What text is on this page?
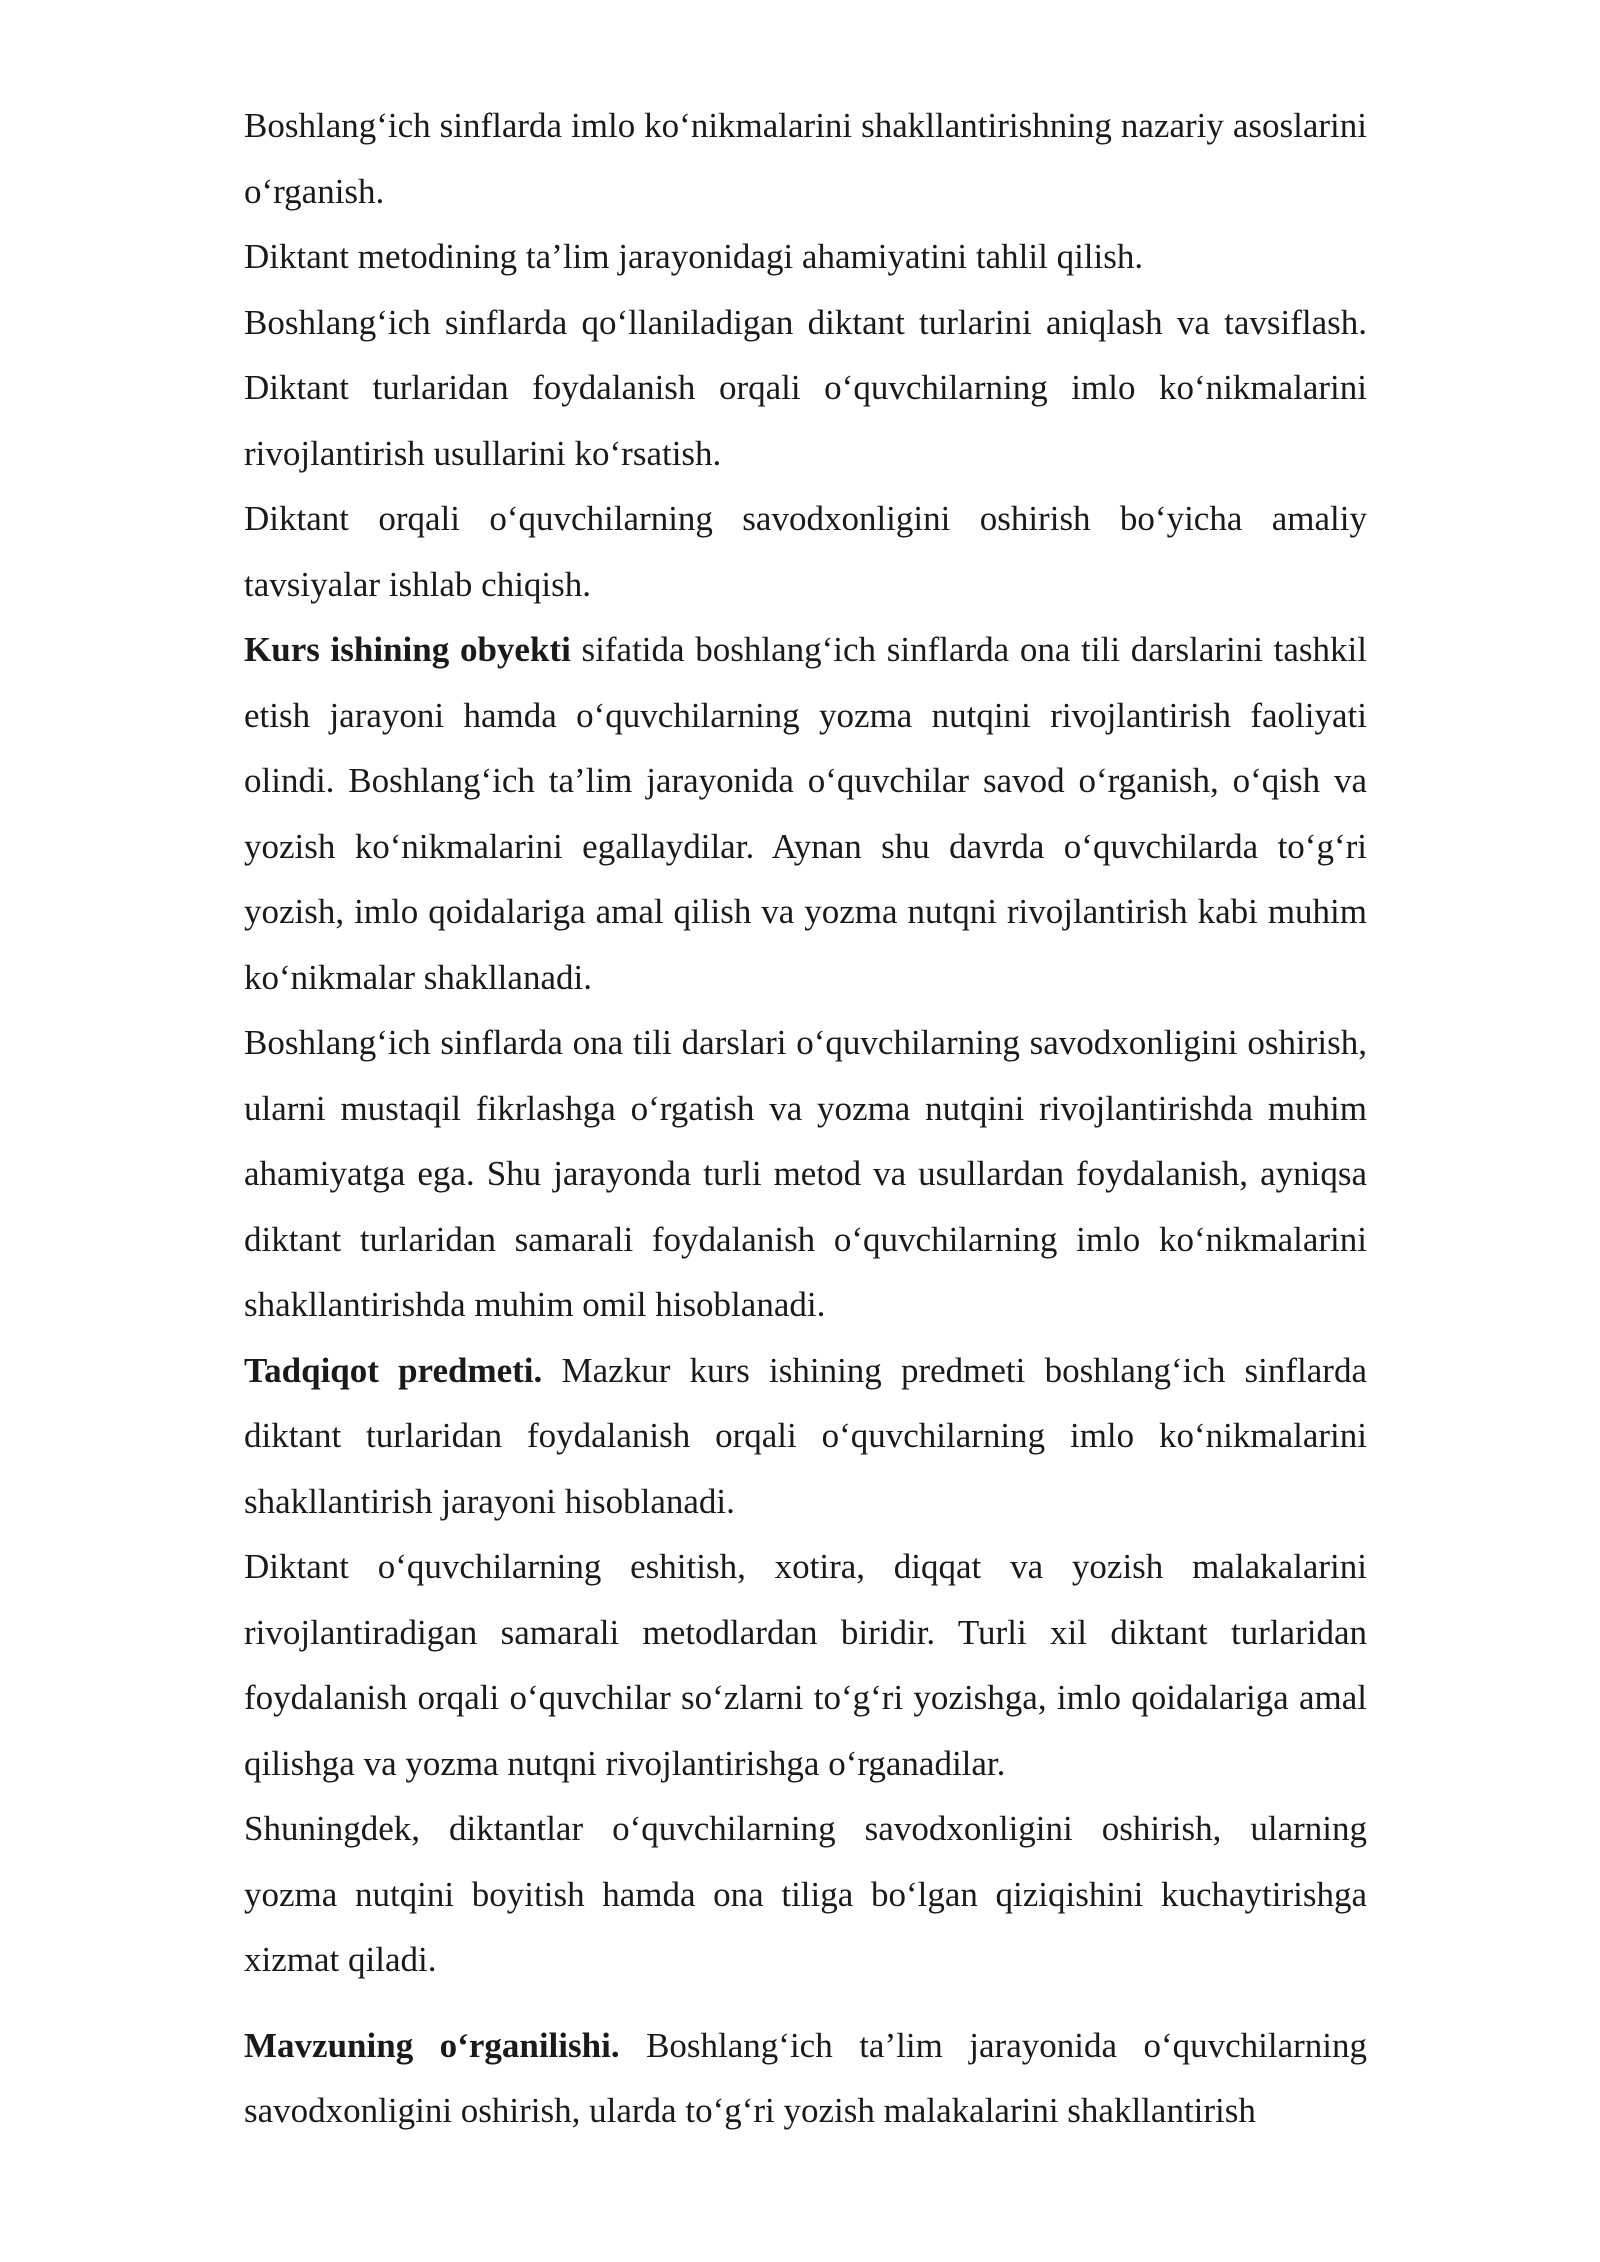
Boshlang‘ich sinflarda imlo ko‘nikmalarini shakllantirishning nazariy asoslarini o‘rganish.

Diktant metodining ta’lim jarayonidagi ahamiyatini tahlil qilish.

Boshlang‘ich sinflarda qo‘llaniladigan diktant turlarini aniqlash va tavsiflash. Diktant turlaridan foydalanish orqali o‘quvchilarning imlo ko‘nikmalarini rivojlantirish usullarini ko‘rsatish.

Diktant orqali o‘quvchilarning savodxonligini oshirish bo‘yicha amaliy tavsiyalar ishlab chiqish.

Kurs ishining obyekti sifatida boshlang‘ich sinflarda ona tili darslarini tashkil etish jarayoni hamda o‘quvchilarning yozma nutqini rivojlantirish faoliyati olindi. Boshlang‘ich ta’lim jarayonida o‘quvchilar savod o‘rganish, o‘qish va yozish ko‘nikmalarini egallaydilar. Aynan shu davrda o‘quvchilarda to‘g‘ri yozish, imlo qoidalariga amal qilish va yozma nutqni rivojlantirish kabi muhim ko‘nikmalar shakllanadi.

Boshlang‘ich sinflarda ona tili darslari o‘quvchilarning savodxonligini oshirish, ularni mustaqil fikrlashga o‘rgatish va yozma nutqini rivojlantirishda muhim ahamiyatga ega. Shu jarayonda turli metod va usullardan foydalanish, ayniqsa diktant turlaridan samarali foydalanish o‘quvchilarning imlo ko‘nikmalarini shakllantirishda muhim omil hisoblanadi.

Tadqiqot predmeti. Mazkur kurs ishining predmeti boshlang‘ich sinflarda diktant turlaridan foydalanish orqali o‘quvchilarning imlo ko‘nikmalarini shakllantirish jarayoni hisoblanadi.

Diktant o‘quvchilarning eshitish, xotira, diqqat va yozish malakalarini rivojlantiradigan samarali metodlardan biridir. Turli xil diktant turlaridan foydalanish orqali o‘quvchilar so‘zlarni to‘g‘ri yozishga, imlo qoidalariga amal qilishga va yozma nutqni rivojlantirishga o‘rganadilar.

Shuningdek, diktantlar o‘quvchilarning savodxonligini oshirish, ularning yozma nutqini boyitish hamda ona tiliga bo‘lgan qiziqishini kuchaytirishga xizmat qiladi.

Mavzuning o‘rganilishi. Boshlang‘ich ta’lim jarayonida o‘quvchilarning savodxonligini oshirish, ularda to‘g‘ri yozish malakalarini shakllantirish
